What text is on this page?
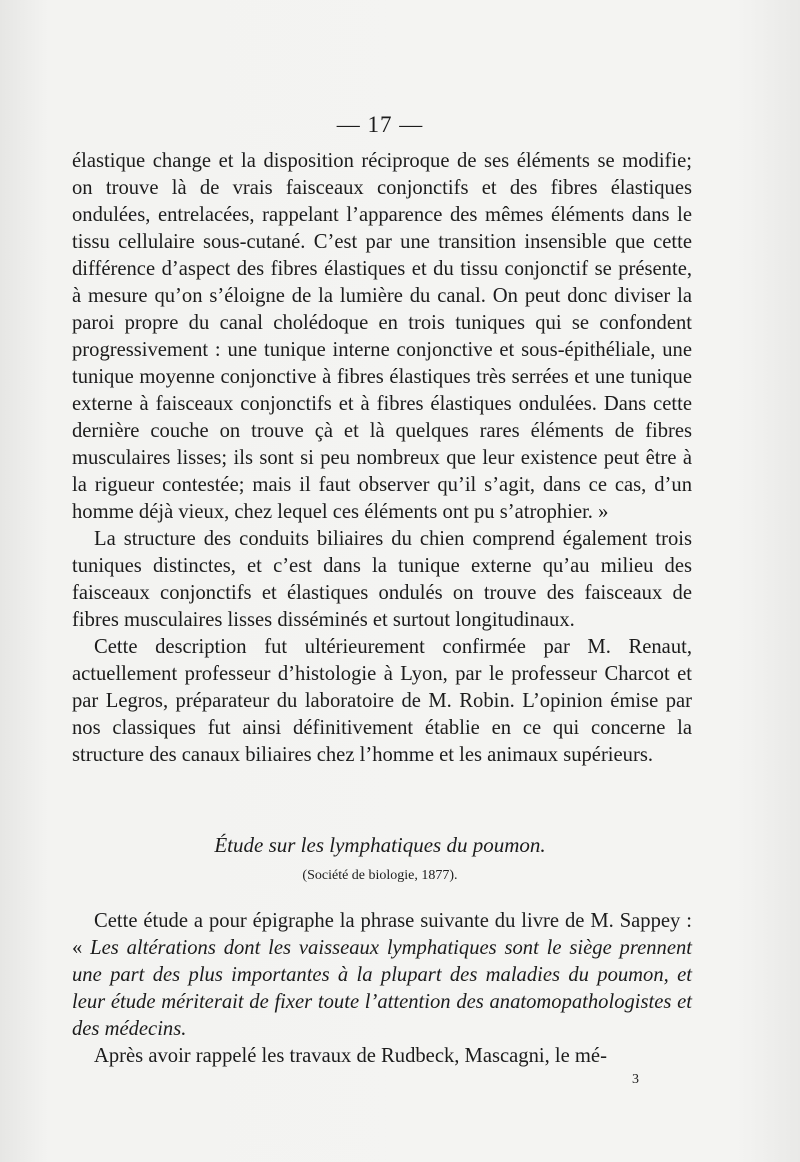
— 17 —

élastique change et la disposition réciproque de ses éléments se modifie; on trouve là de vrais faisceaux conjonctifs et des fibres élastiques ondulées, entrelacées, rappelant l’apparence des mêmes éléments dans le tissu cellulaire sous-cutané. C’est par une transition insensible que cette différence d’aspect des fibres élastiques et du tissu conjonctif se présente, à mesure qu’on s’éloigne de la lumière du canal. On peut donc diviser la paroi propre du canal cholédoque en trois tuniques qui se confondent progressivement : une tunique interne conjonctive et sous-épithéliale, une tunique moyenne conjonctive à fibres élastiques très serrées et une tunique externe à faisceaux conjonctifs et à fibres élastiques ondulées. Dans cette dernière couche on trouve çà et là quelques rares éléments de fibres musculaires lisses; ils sont si peu nombreux que leur existence peut être à la rigueur contestée; mais il faut observer qu’il s’agit, dans ce cas, d’un homme déjà vieux, chez lequel ces éléments ont pu s’atrophier. »

La structure des conduits biliaires du chien comprend également trois tuniques distinctes, et c’est dans la tunique externe qu’au milieu des faisceaux conjonctifs et élastiques ondulés on trouve des faisceaux de fibres musculaires lisses disséminés et surtout longitudinaux.

Cette description fut ultérieurement confirmée par M. Renaut, actuellement professeur d’histologie à Lyon, par le professeur Charcot et par Legros, préparateur du laboratoire de M. Robin. L’opinion émise par nos classiques fut ainsi définitivement établie en ce qui concerne la structure des canaux biliaires chez l’homme et les animaux supérieurs.

Étude sur les lymphatiques du poumon.
(Société de biologie, 1877).

Cette étude a pour épigraphe la phrase suivante du livre de M. Sappey : « Les altérations dont les vaisseaux lymphatiques sont le siège prennent une part des plus importantes à la plupart des maladies du poumon, et leur étude mériterait de fixer toute l’attention des anatomopathologistes et des médecins.

Après avoir rappelé les travaux de Rudbeck, Mascagni, le mé-

3
